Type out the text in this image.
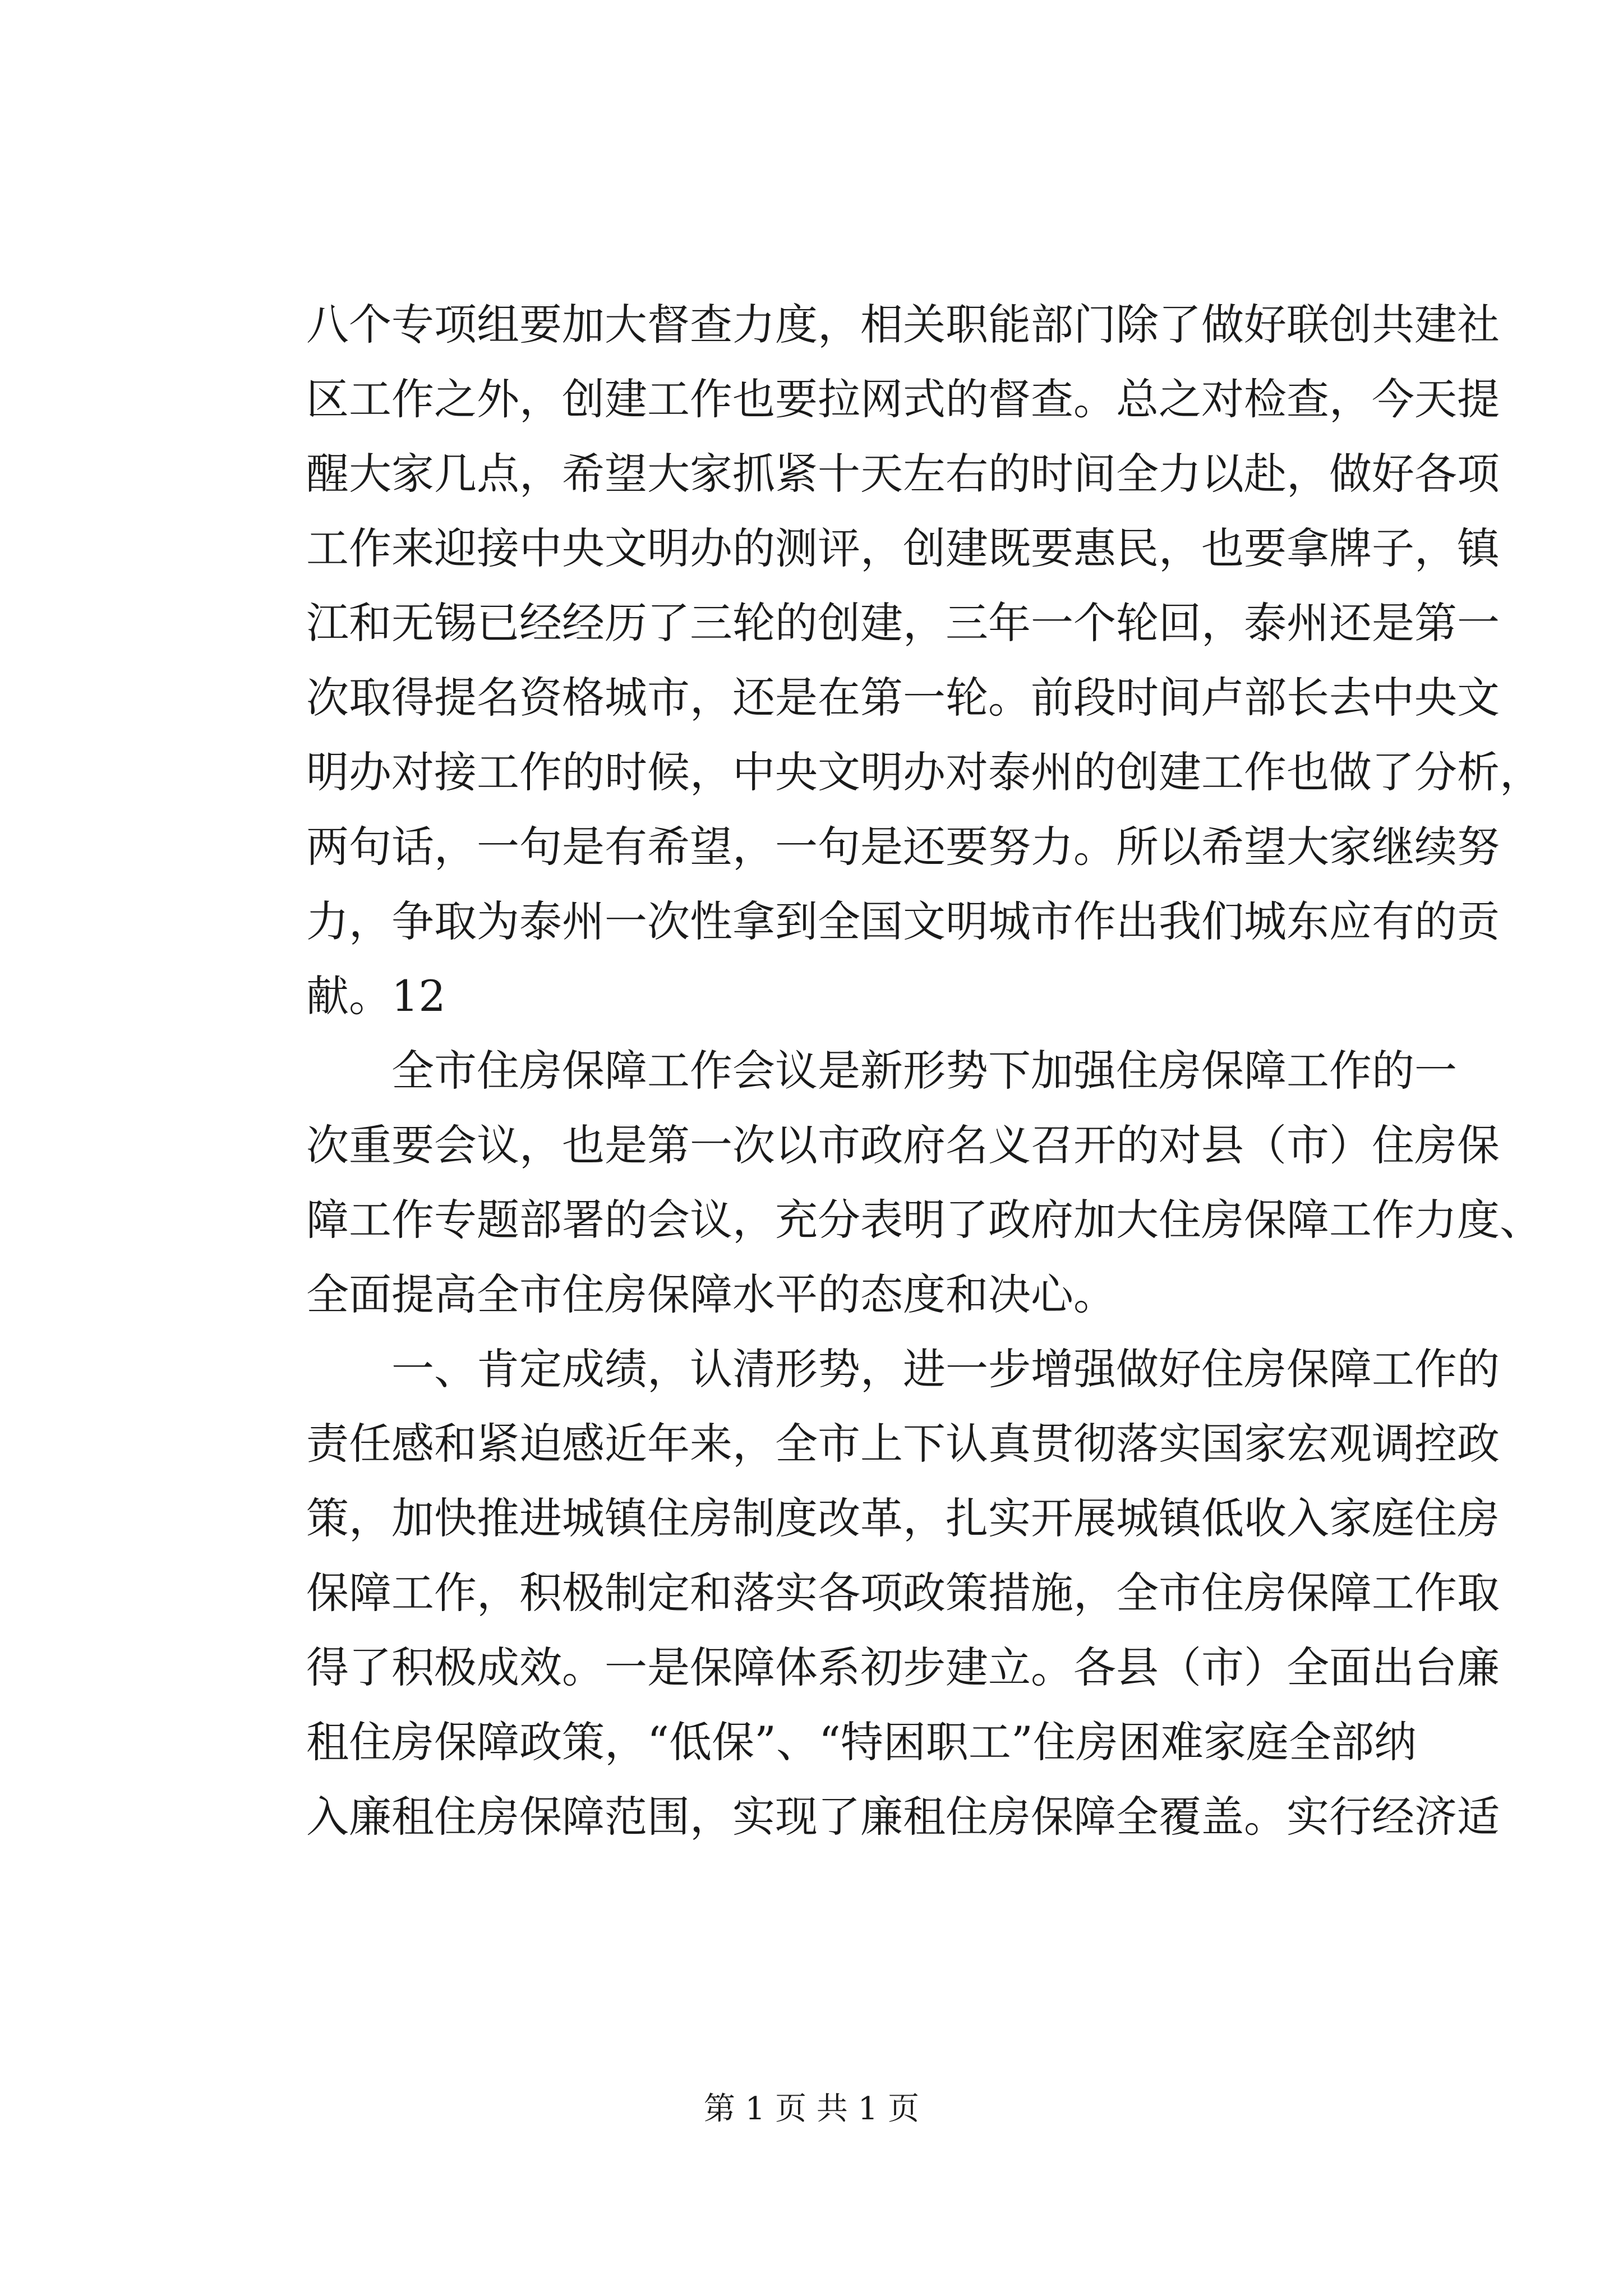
八个专项组要加大督查力度，相关职能部门除了做好联创共建社
区工作之外，创建工作也要拉网式的督查。总之对检查，今天提
醒大家几点，希望大家抓紧十天左右的时间全力以赴，做好各项
工作来迎接中央文明办的测评，创建既要惠民，也要拿牌子，镇
江和无锡已经经历了三轮的创建，三年一个轮回，泰州还是第一
次取得提名资格城市，还是在第一轮。前段时间卢部长去中央文
明办对接工作的时候，中央文明办对泰州的创建工作也做了分析，
两句话，一句是有希望，一句是还要努力。所以希望大家继续努
力，争取为泰州一次性拿到全国文明城市作出我们城东应有的贡
献。12
　　全市住房保障工作会议是新形势下加强住房保障工作的一
次重要会议，也是第一次以市政府名义召开的对县（市）住房保
障工作专题部署的会议，充分表明了政府加大住房保障工作力度、
全面提高全市住房保障水平的态度和决心。
　　一、肯定成绩，认清形势，进一步增强做好住房保障工作的
责任感和紧迫感近年来，全市上下认真贯彻落实国家宏观调控政
策，加快推进城镇住房制度改革，扎实开展城镇低收入家庭住房
保障工作，积极制定和落实各项政策措施，全市住房保障工作取
得了积极成效。一是保障体系初步建立。各县（市）全面出台廉
租住房保障政策，“低保”、“特困职工”住房困难家庭全部纳
入廉租住房保障范围，实现了廉租住房保障全覆盖。实行经济适
第 1 页 共 1 页
